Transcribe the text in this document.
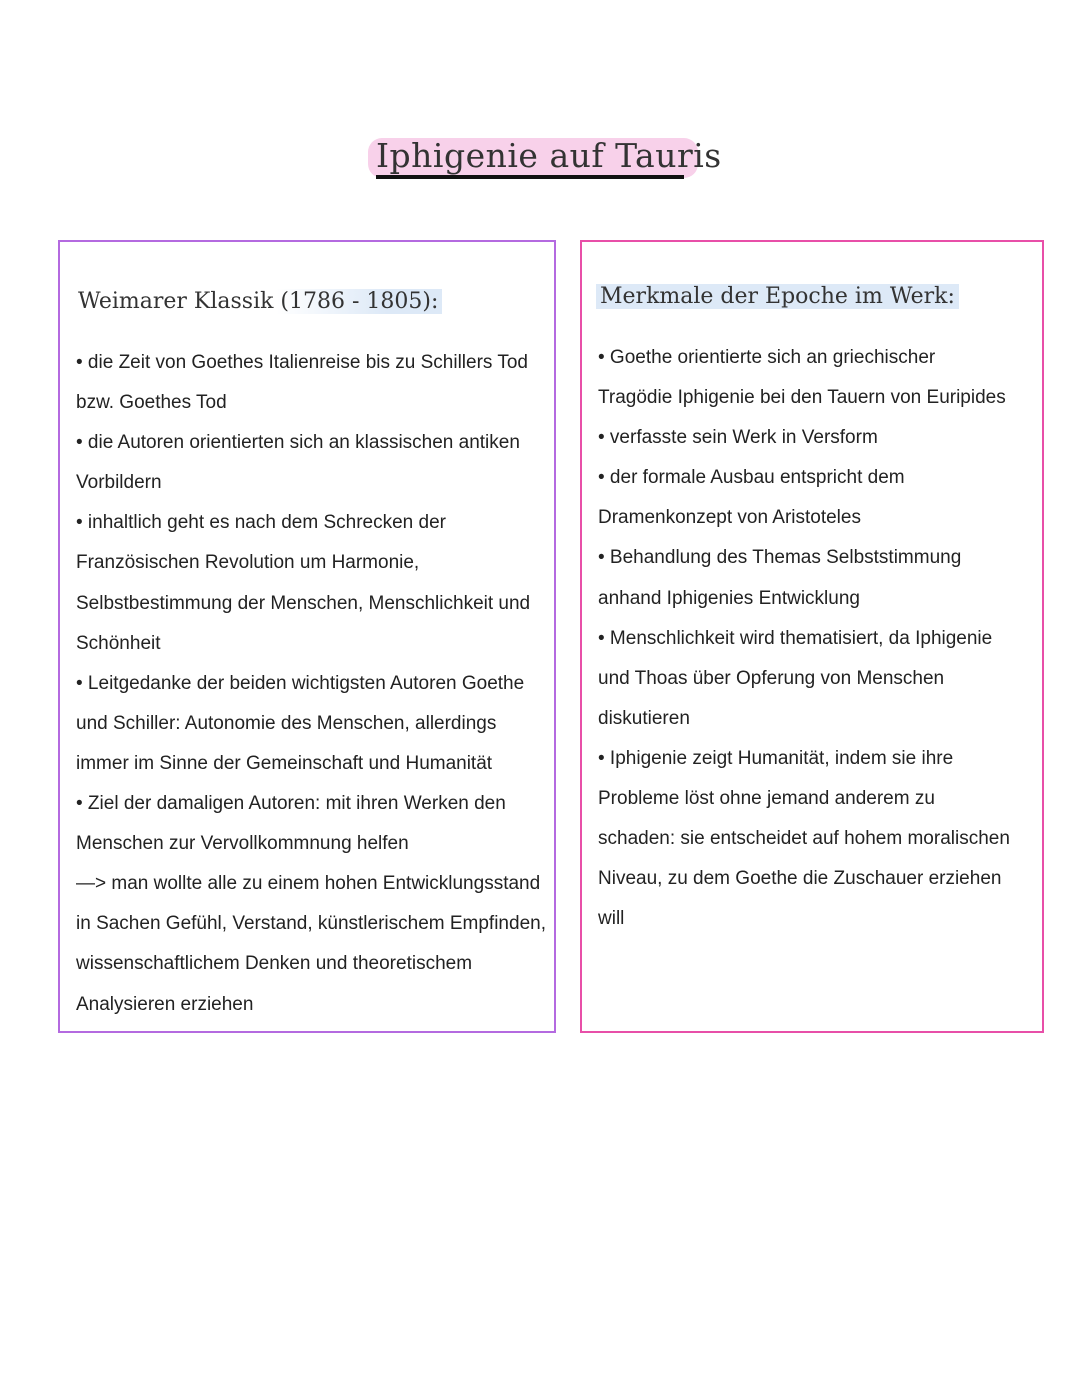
Iphigenie auf Tauris
Weimarer Klassik (1786 - 1805):
• die Zeit von Goethes Italienreise bis zu Schillers Tod
bzw. Goethes Tod
• die Autoren orientierten sich an klassischen antiken
Vorbildern
• inhaltlich geht es nach dem Schrecken der
Französischen Revolution um Harmonie,
Selbstbestimmung der Menschen, Menschlichkeit und
Schönheit
• Leitgedanke der beiden wichtigsten Autoren Goethe
und Schiller: Autonomie des Menschen, allerdings
immer im Sinne der Gemeinschaft und Humanität
• Ziel der damaligen Autoren: mit ihren Werken den
Menschen zur Vervollkommnung helfen
—> man wollte alle zu einem hohen Entwicklungsstand
in Sachen Gefühl, Verstand, künstlerischem Empfinden,
wissenschaftlichem Denken und theoretischem
Analysieren erziehen
Merkmale der Epoche im Werk:
• Goethe orientierte sich an griechischer
Tragödie Iphigenie bei den Tauern von Euripides
• verfasste sein Werk in Versform
• der formale Ausbau entspricht dem
Dramenkonzept von Aristoteles
• Behandlung des Themas Selbststimmung
anhand Iphigenies Entwicklung
• Menschlichkeit wird thematisiert, da Iphigenie
und Thoas über Opferung von Menschen
diskutieren
• Iphigenie zeigt Humanität, indem sie ihre
Probleme löst ohne jemand anderem zu
schaden: sie entscheidet auf hohem moralischen
Niveau, zu dem Goethe die Zuschauer erziehen
will
